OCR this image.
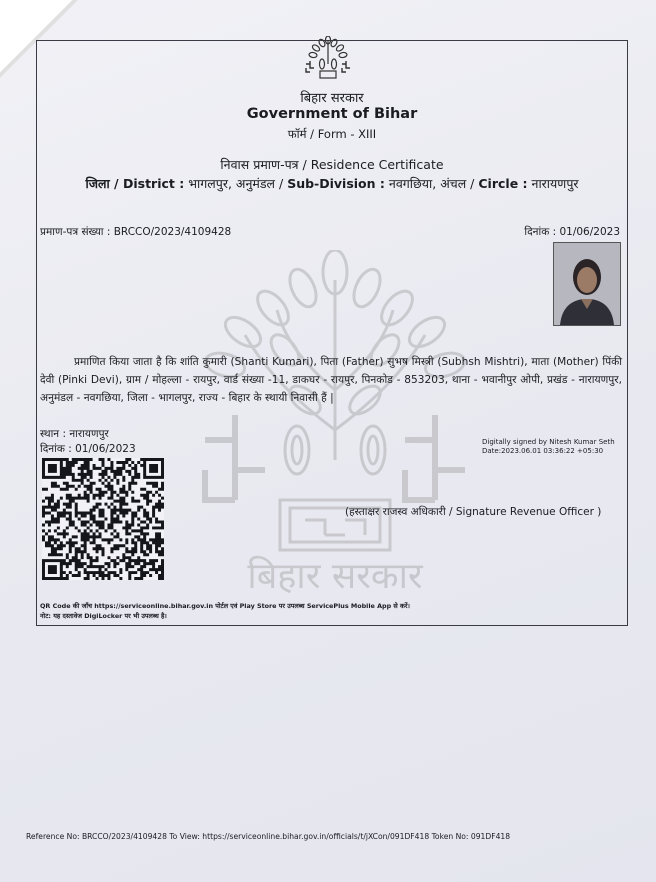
बिहार सरकार
बिहार सरकार
Government of Bihar
फॉर्म / Form - XIII
निवास प्रमाण-पत्र / Residence Certificate
जिला / District : भागलपुर, अनुमंडल / Sub-Division : नवगछिया, अंचल / Circle : नारायणपुर
प्रमाण-पत्र संख्या : BRCCO/2023/4109428	दिनांक : 01/06/2023
प्रमाणित किया जाता है कि शांति कुमारी (Shanti Kumari), पिता (Father) सुभष मिस्त्री (Subhsh Mishtri), माता (Mother) पिंकी देवी (Pinki Devi), ग्राम / मोहल्ला - रायपुर, वार्ड संख्या -11, डाकघर - रायपुर, पिनकोड - 853203, थाना - भवानीपुर ओपी, प्रखंड - नारायणपुर, अनुमंडल - नवगछिया, जिला - भागलपुर, राज्य - बिहार के स्थायी निवासी हैं |
स्थान : नारायणपुर
दिनांक : 01/06/2023
Digitally signed by Nitesh Kumar Seth
Date:2023.06.01 03:36:22 +05:30
(हस्ताक्षर राजस्व अधिकारी / Signature Revenue Officer )
QR Code की जाँच https://serviceonline.bihar.gov.in पोर्टल एवं Play Store पर उपलब्ध ServicePlus Mobile App से करें।
नोट: यह दस्तावेज DigiLocker पर भी उपलब्ध है।
Reference No: BRCCO/2023/4109428 To View: https://serviceonline.bihar.gov.in/officials/t/jXCon/091DF418 Token No: 091DF418
